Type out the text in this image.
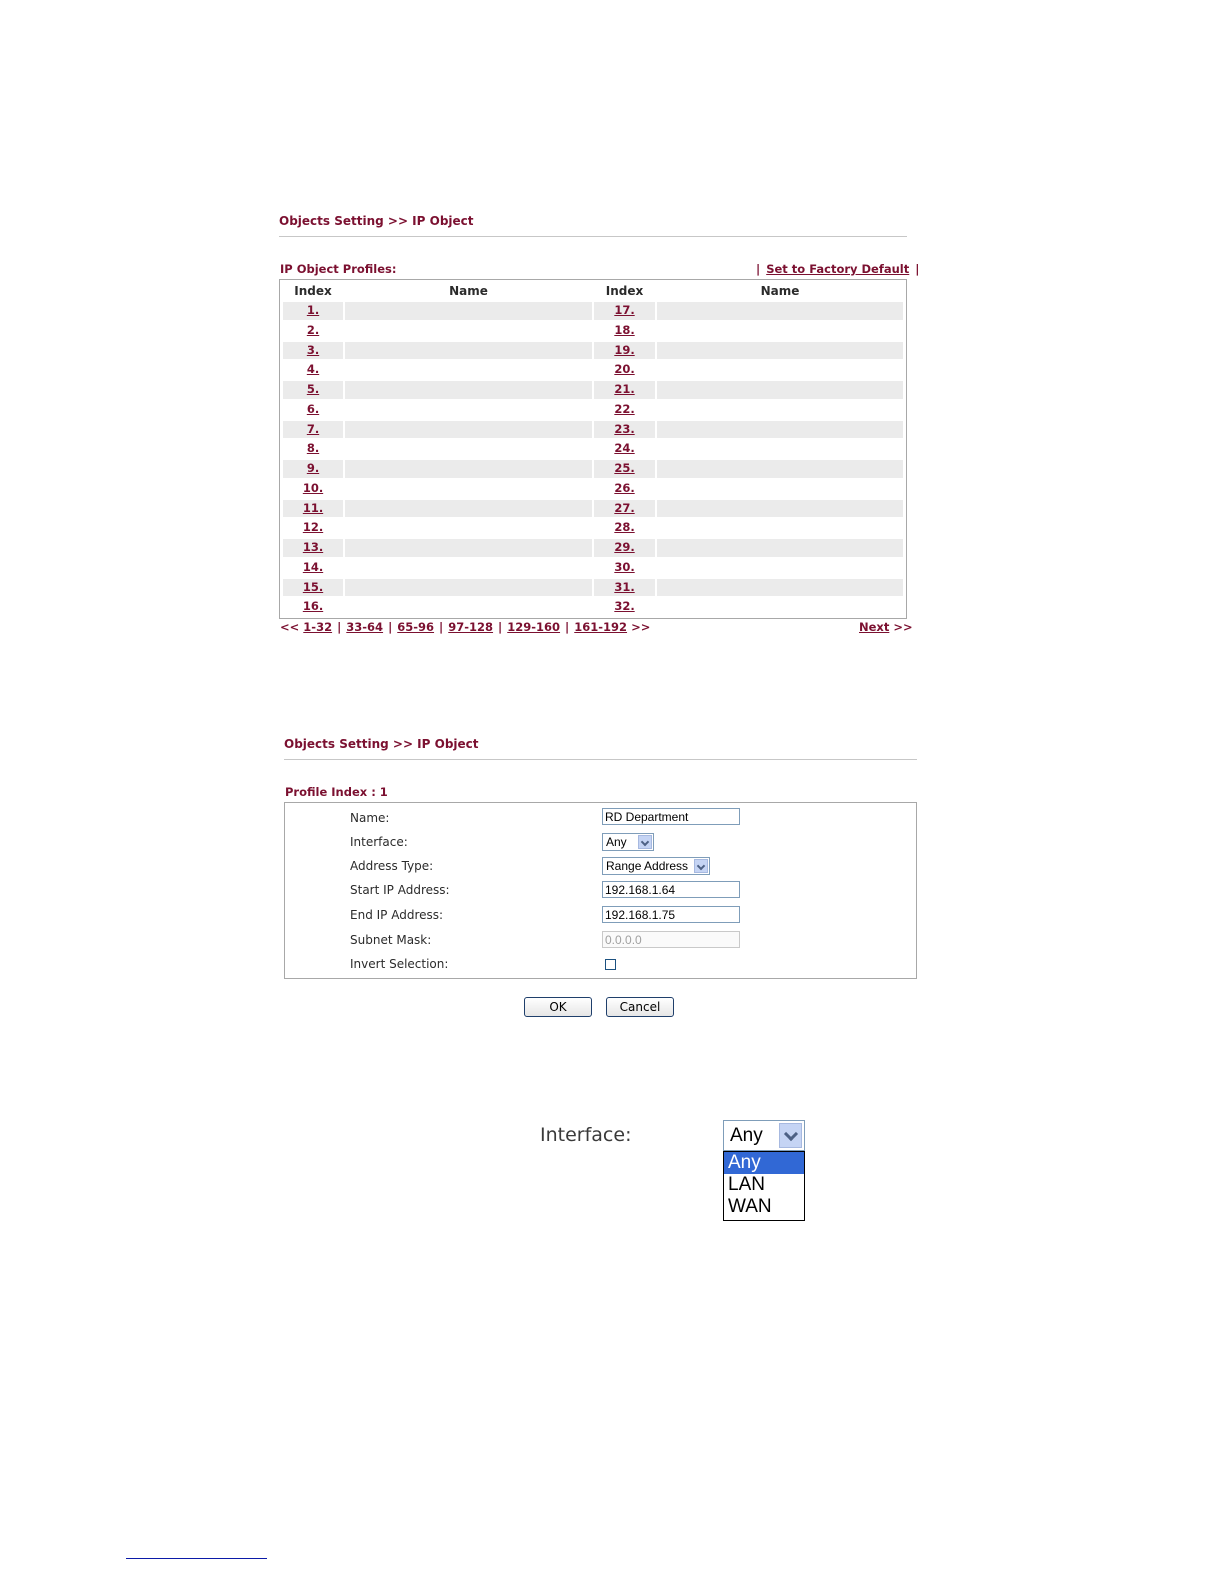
Objects Setting >> IP Object
IP Object Profiles:	| Set to Factory Default |
Index	Name	Index	Name
1.	17.
2.	18.
3.	19.
4.	20.
5.	21.
6.	22.
7.	23.
8.	24.
9.	25.
10.	26.
11.	27.
12.	28.
13.	29.
14.	30.
15.	31.
16.	32.
<< 1-32 | 33-64 | 65-96 | 97-128 | 129-160 | 161-192 >>	Next >>
Objects Setting >> IP Object
Profile Index : 1
Name:
RD Department
Interface:	Any
Address Type:	Range Address
Start IP Address:
192.168.1.64
End IP Address:
192.168.1.75
Subnet Mask:
0.0.0.0
Invert Selection:
OK	Cancel
Interface:	Any
Any
LAN
WAN
